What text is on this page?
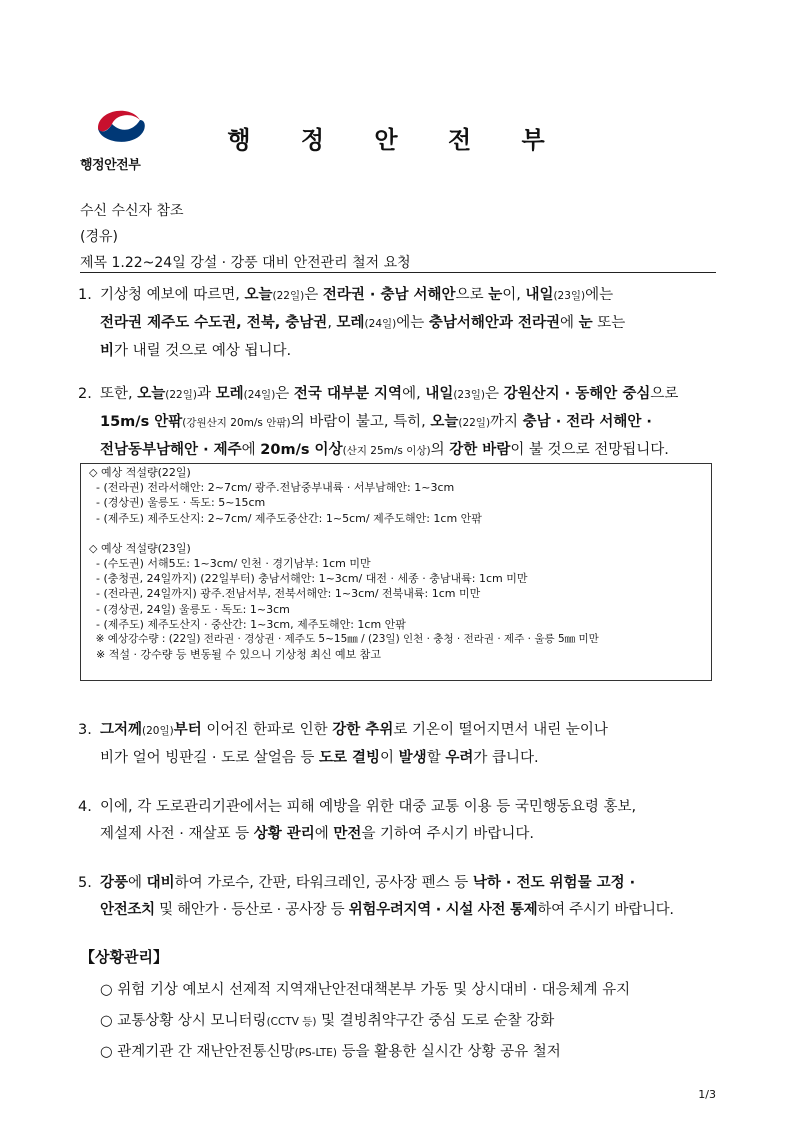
행정안전부
행 정 안 전 부
수신 수신자 참조
(경유)
제목 1.22~24일 강설 · 강풍 대비 안전관리 철저 요청
1. 기상청 예보에 따르면, 오늘(22일)은 전라권 · 충남 서해안으로 눈이, 내일(23일)에는
전라권 제주도 수도권, 전북, 충남권, 모레(24일)에는 충남서해안과 전라권에 눈 또는
비가 내릴 것으로 예상 됩니다.
2. 또한, 오늘(22일)과 모레(24일)은 전국 대부분 지역에, 내일(23일)은 강원산지 · 동해안 중심으로
15m/s 안팎(강원산지 20m/s 안팎)의 바람이 불고, 특히, 오늘(22일)까지 충남 · 전라 서해안 ·
전남동부남해안 · 제주에 20m/s 이상(산지 25m/s 이상)의 강한 바람이 불 것으로 전망됩니다.
◇ 예상 적설량(22일)
- (전라권) 전라서해안: 2~7cm/ 광주.전남중부내륙 · 서부남해안: 1~3cm
- (경상권) 울릉도 · 독도: 5~15cm
- (제주도) 제주도산지: 2~7cm/ 제주도중산간: 1~5cm/ 제주도해안: 1cm 안팎
◇ 예상 적설량(23일)
- (수도권) 서해5도: 1~3cm/ 인천 · 경기남부: 1cm 미만
- (충청권, 24일까지) (22일부터) 충남서해안: 1~3cm/ 대전 · 세종 · 충남내륙: 1cm 미만
- (전라권, 24일까지) 광주.전남서부, 전북서해안: 1~3cm/ 전북내륙: 1cm 미만
- (경상권, 24일) 울릉도 · 독도: 1~3cm
- (제주도) 제주도산지 · 중산간: 1~3cm, 제주도해안: 1cm 안팎
※ 예상강수량 : (22일) 전라권 · 경상권 · 제주도 5~15㎜ / (23일) 인천 · 충청 · 전라권 · 제주 · 울릉 5㎜ 미만
※ 적설 · 강수량 등 변동될 수 있으니 기상청 최신 예보 참고
3. 그저께(20일)부터 이어진 한파로 인한 강한 추위로 기온이 떨어지면서 내린 눈이나
비가 얼어 빙판길 · 도로 살얼음 등 도로 결빙이 발생할 우려가 큽니다.
4. 이에, 각 도로관리기관에서는 피해 예방을 위한 대중 교통 이용 등 국민행동요령 홍보,
제설제 사전 · 재살포 등 상황 관리에 만전을 기하여 주시기 바랍니다.
5. 강풍에 대비하여 가로수, 간판, 타워크레인, 공사장 펜스 등 낙하 · 전도 위험물 고정 ·
안전조치 및 해안가 · 등산로 · 공사장 등 위험우려지역 · 시설 사전 통제하여 주시기 바랍니다.
【상황관리】
○ 위험 기상 예보시 선제적 지역재난안전대책본부 가동 및 상시대비 · 대응체계 유지
○ 교통상황 상시 모니터링(CCTV 등) 및 결빙취약구간 중심 도로 순찰 강화
○ 관계기관 간 재난안전통신망(PS-LTE) 등을 활용한 실시간 상황 공유 철저
1/3
